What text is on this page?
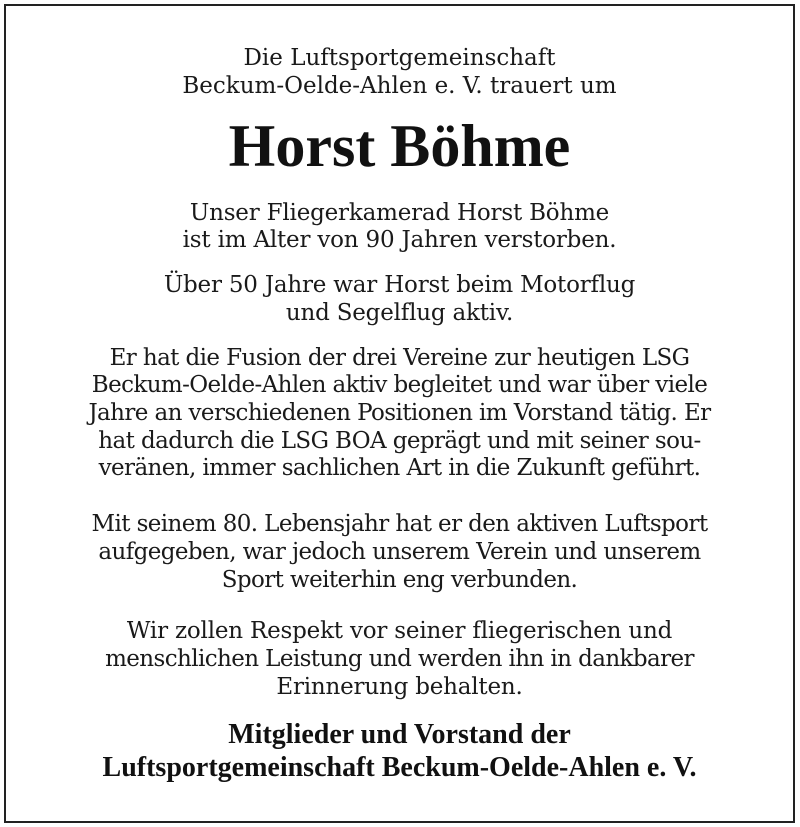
Die Luftsportgemeinschaft
Beckum-Oelde-Ahlen e. V. trauert um
Horst Böhme
Unser Fliegerkamerad Horst Böhme
ist im Alter von 90 Jahren verstorben.
Über 50 Jahre war Horst beim Motorflug
und Segelflug aktiv.
Er hat die Fusion der drei Vereine zur heutigen LSG
Beckum-Oelde-Ahlen aktiv begleitet und war über viele
Jahre an verschiedenen Positionen im Vorstand tätig. Er
hat dadurch die LSG BOA geprägt und mit seiner sou-
veränen, immer sachlichen Art in die Zukunft geführt.
Mit seinem 80. Lebensjahr hat er den aktiven Luftsport
aufgegeben, war jedoch unserem Verein und unserem
Sport weiterhin eng verbunden.
Wir zollen Respekt vor seiner fliegerischen und
menschlichen Leistung und werden ihn in dankbarer
Erinnerung behalten.
Mitglieder und Vorstand der
Luftsportgemeinschaft Beckum-Oelde-Ahlen e. V.
